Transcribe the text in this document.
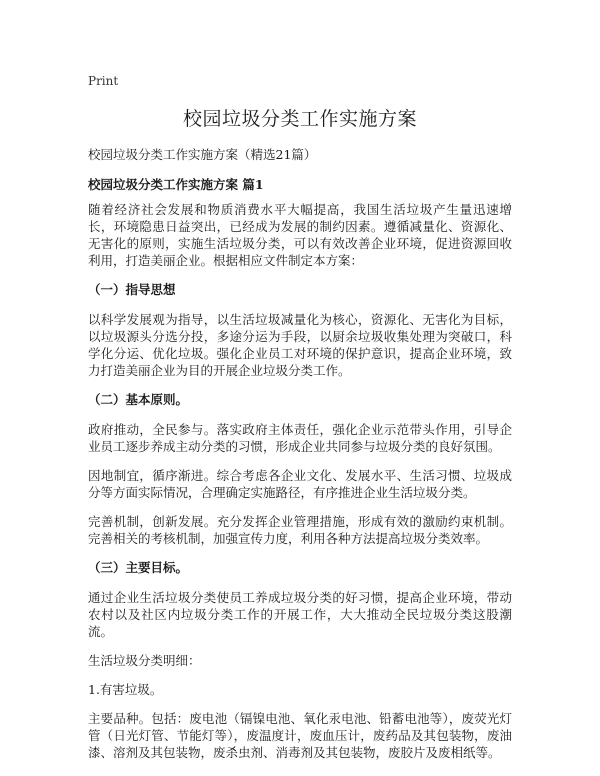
Print
校园垃圾分类工作实施方案
校园垃圾分类工作实施方案（精选21篇）
校园垃圾分类工作实施方案 篇1

随着经济社会发展和物质消费水平大幅提高，我国生活垃圾产生量迅速增长，环境隐患日益突出，已经成为发展的制约因素。遵循减量化、资源化、无害化的原则，实施生活垃圾分类，可以有效改善企业环境，促进资源回收利用，打造美丽企业。根据相应文件制定本方案：

（一）指导思想

以科学发展观为指导，以生活垃圾减量化为核心，资源化、无害化为目标，以垃圾源头分选分投，多途分运为手段，以厨余垃圾收集处理为突破口，科学化分运、优化垃圾。强化企业员工对环境的保护意识，提高企业环境，致力打造美丽企业为目的开展企业垃圾分类工作。

（二）基本原则。

政府推动，全民参与。落实政府主体责任，强化企业示范带头作用，引导企业员工逐步养成主动分类的习惯，形成企业共同参与垃圾分类的良好氛围。

因地制宜，循序渐进。综合考虑各企业文化、发展水平、生活习惯、垃圾成分等方面实际情况，合理确定实施路径，有序推进企业生活垃圾分类。

完善机制，创新发展。充分发挥企业管理措施，形成有效的激励约束机制。完善相关的考核机制，加强宣传力度，利用各种方法提高垃圾分类效率。

（三）主要目标。

通过企业生活垃圾分类使员工养成垃圾分类的好习惯，提高企业环境，带动农村以及社区内垃圾分类工作的开展工作，大大推动全民垃圾分类这股潮流。

生活垃圾分类明细：

1.有害垃圾。

主要品种。包括：废电池（镉镍电池、氧化汞电池、铅蓄电池等），废荧光灯管（日光灯管、节能灯等），废温度计，废血压计，废药品及其包装物，废油漆、溶剂及其包装物，废杀虫剂、消毒剂及其包装物，废胶片及废相纸等。
